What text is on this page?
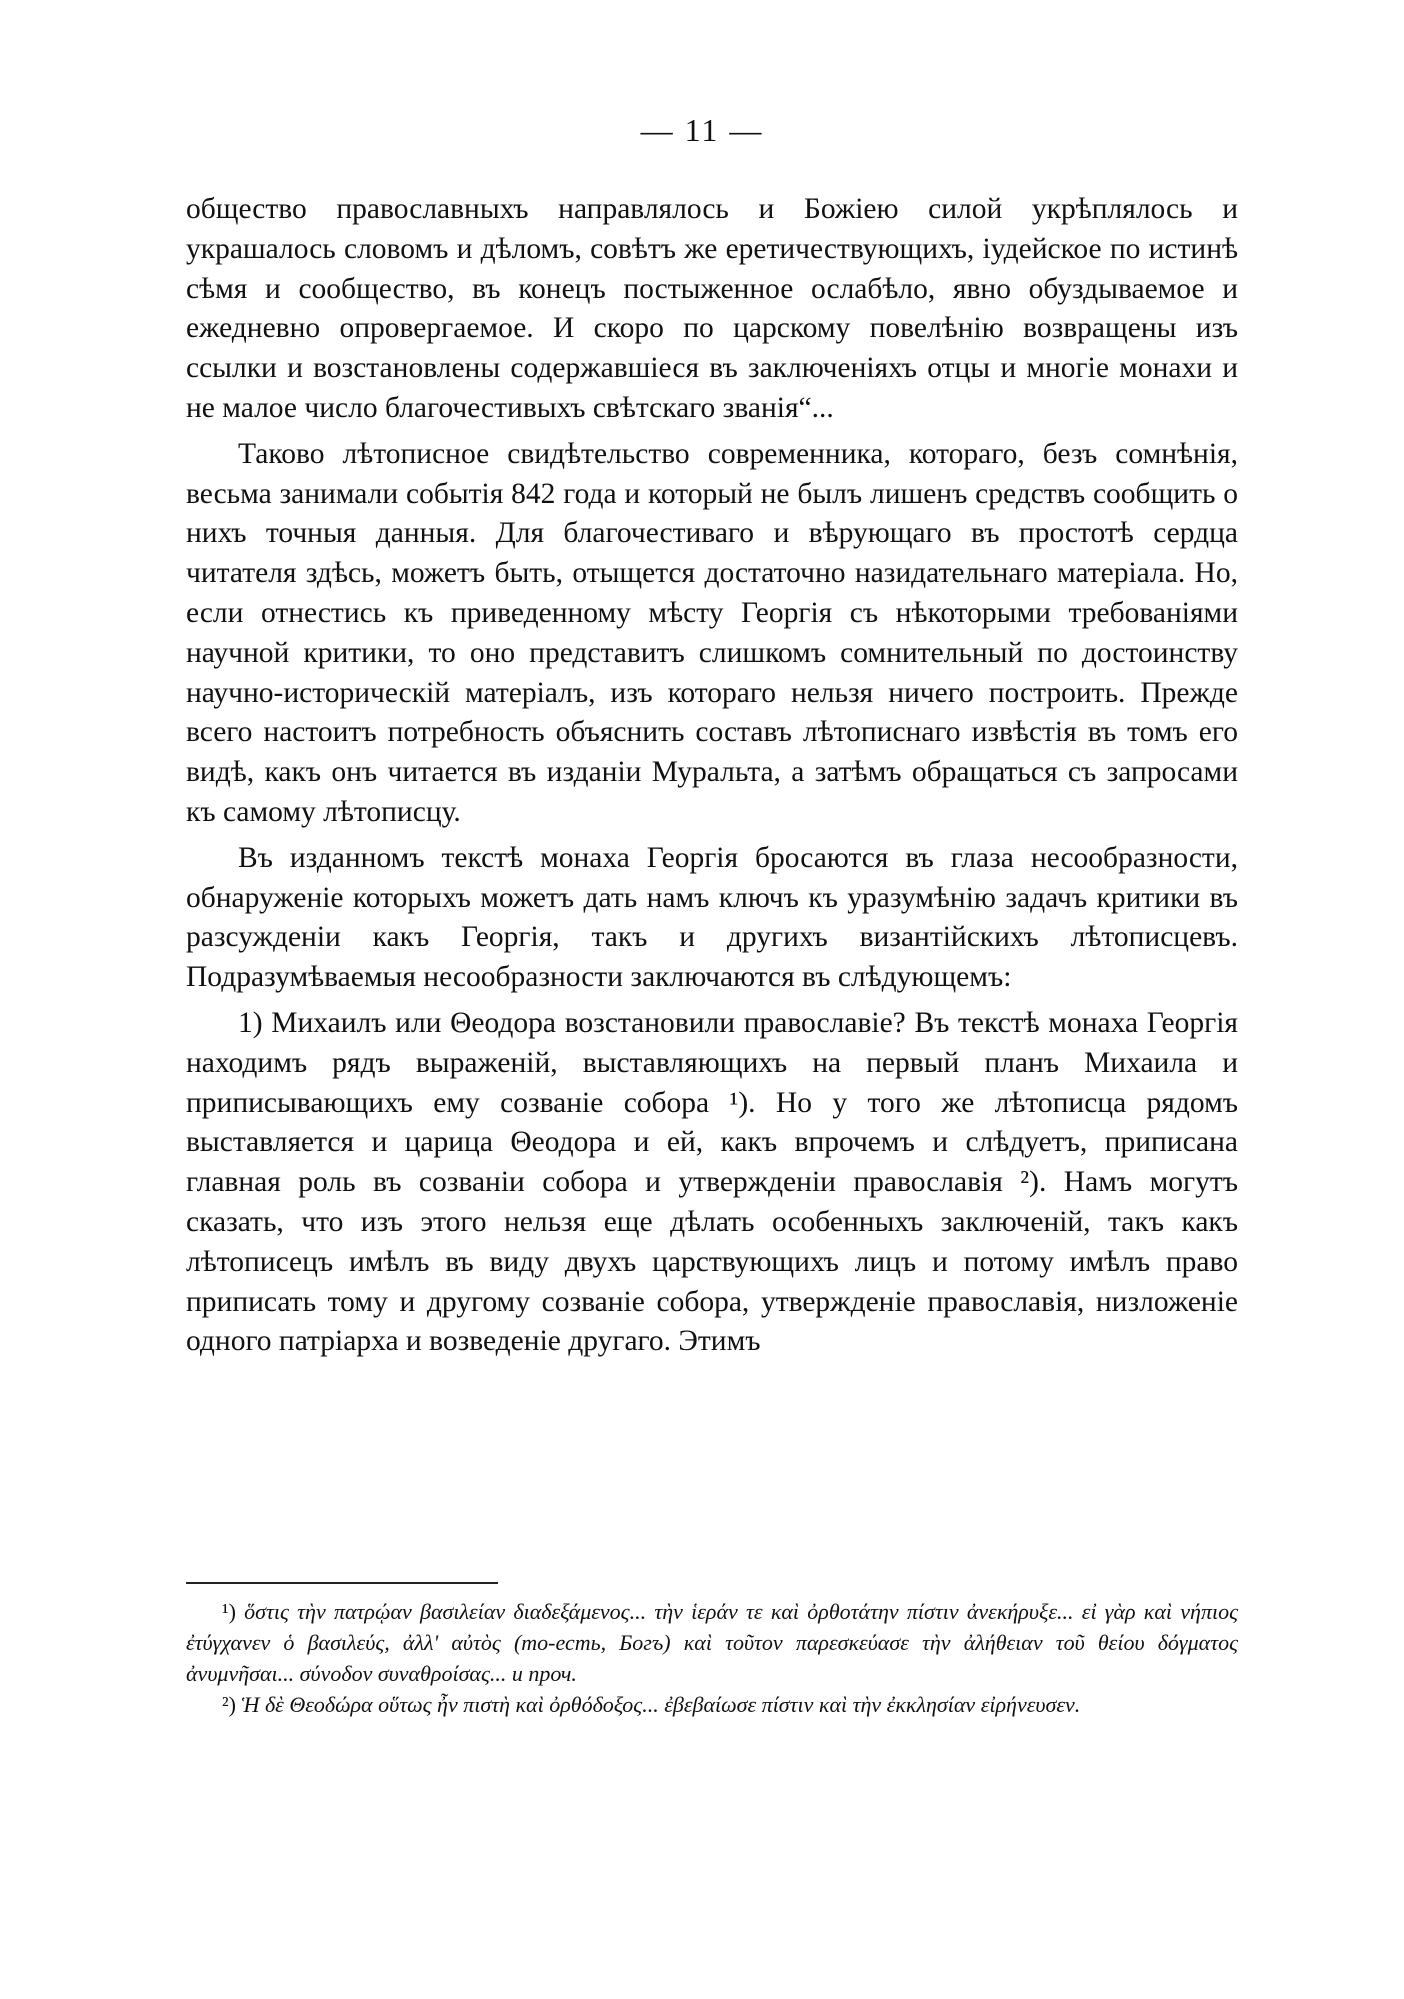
— 11 —

общество православныхъ направлялось и Божіею силой укрѣплялось и украшалось словомъ и дѣломъ, совѣтъ же еретичествующихъ, іудейское по истинѣ сѣмя и сообщество, въ конецъ постыженное ослабѣло, явно обуздываемое и ежедневно опровергаемое. И скоро по царскому повелѣнію возвращены изъ ссылки и возстановлены содержавшіеся въ заключеніяхъ отцы и многіе монахи и не малое число благочестивыхъ свѣтскаго званія“...

Таково лѣтописное свидѣтельство современника, котораго, безъ сомнѣнія, весьма занимали событія 842 года и который не былъ лишенъ средствъ сообщить о нихъ точныя данныя. Для благочестиваго и вѣрующаго въ простотѣ сердца читателя здѣсь, можетъ быть, отыщется достаточно назидательнаго матеріала. Но, если отнестись къ приведенному мѣсту Георгія съ нѣкоторыми требованіями научной критики, то оно представитъ слишкомъ сомнительный по достоинству научно-историческій матеріалъ, изъ котораго нельзя ничего построить. Прежде всего настоитъ потребность объяснить составъ лѣтописнаго извѣстія въ томъ его видѣ, какъ онъ читается въ изданіи Муральта, а затѣмъ обращаться съ запросами къ самому лѣтописцу.

Въ изданномъ текстѣ монаха Георгія бросаются въ глаза несообразности, обнаруженіе которыхъ можетъ дать намъ ключъ къ уразумѣнію задачъ критики въ разсужденіи какъ Георгія, такъ и другихъ византійскихъ лѣтописцевъ. Подразумѣваемыя несообразности заключаются въ слѣдующемъ:

1) Михаилъ или Θеодора возстановили православіе? Въ текстѣ монаха Георгія находимъ рядъ выраженій, выставляющихъ на первый планъ Михаила и приписывающихъ ему созваніе собора ¹). Но у того же лѣтописца рядомъ выставляется и царица Θеодора и ей, какъ впрочемъ и слѣдуетъ, приписана главная роль въ созваніи собора и утвержденіи православія ²). Намъ могутъ сказать, что изъ этого нельзя еще дѣлать особенныхъ заключеній, такъ какъ лѣтописецъ имѣлъ въ виду двухъ царствующихъ лицъ и потому имѣлъ право приписать тому и другому созваніе собора, утвержденіе православія, низложеніе одного патріарха и возведеніе другаго. Этимъ

¹) ὅστις τὴν πατρῴαν βασιλείαν διαδεξάμενος... τὴν ἱεράν τε καὶ ὀρθοτάτην πίστιν ἀνεκήρυξε... εἰ γὰρ καὶ νήπιος ἐτύγχανεν ὁ βασιλεύς, ἀλλ' αὐτὸς (то-есть, Богъ) καὶ τοῦτον παρεσκεύασε τὴν ἀλήθειαν τοῦ θείου δόγματος ἀνυμνῆσαι... σύνοδον συναθροίσας... и проч.

²) Ἡ δὲ Θεοδώρα οὕτως ἦν πιστὴ καὶ ὀρθόδοξος... ἐβεβαίωσε πίστιν καὶ τὴν ἐκκλησίαν εἰρήνευσεν.
